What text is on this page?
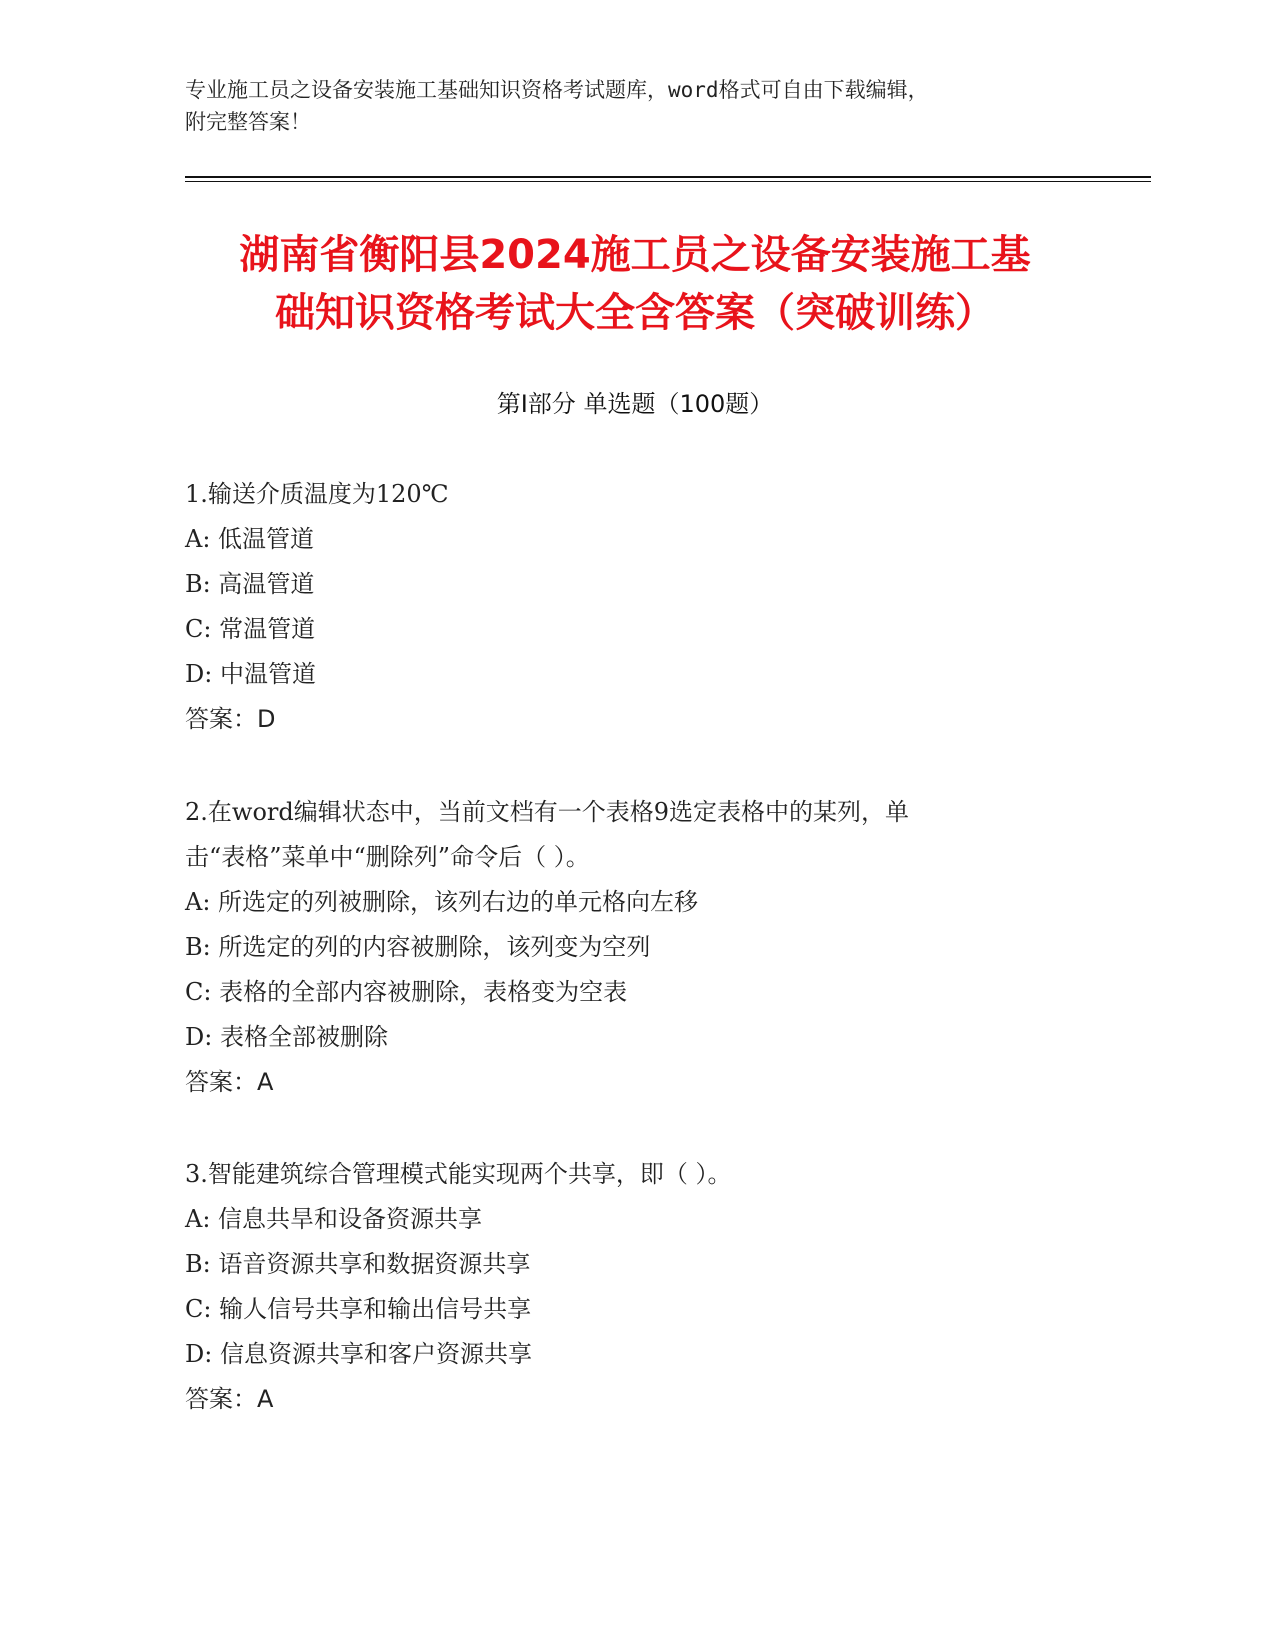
专业施工员之设备安装施工基础知识资格考试题库，word格式可自由下载编辑，
附完整答案！
湖南省衡阳县2024施工员之设备安装施工基
础知识资格考试大全含答案（突破训练）
第Ⅰ部分 单选题（100题）
1.输送介质温度为120℃
A: 低温管道
B: 高温管道
C: 常温管道
D: 中温管道
答案：D
2.在word编辑状态中，当前文档有一个表格9选定表格中的某列，单
击“表格”菜单中“删除列”命令后（ ）。
A: 所选定的列被删除，该列右边的单元格向左移
B: 所选定的列的内容被删除，该列变为空列
C: 表格的全部内容被删除，表格变为空表
D: 表格全部被删除
答案：A
3.智能建筑综合管理模式能实现两个共享，即（ ）。
A: 信息共旱和设备资源共享
B: 语音资源共享和数据资源共享
C: 输人信号共享和输出信号共享
D: 信息资源共享和客户资源共享
答案：A
